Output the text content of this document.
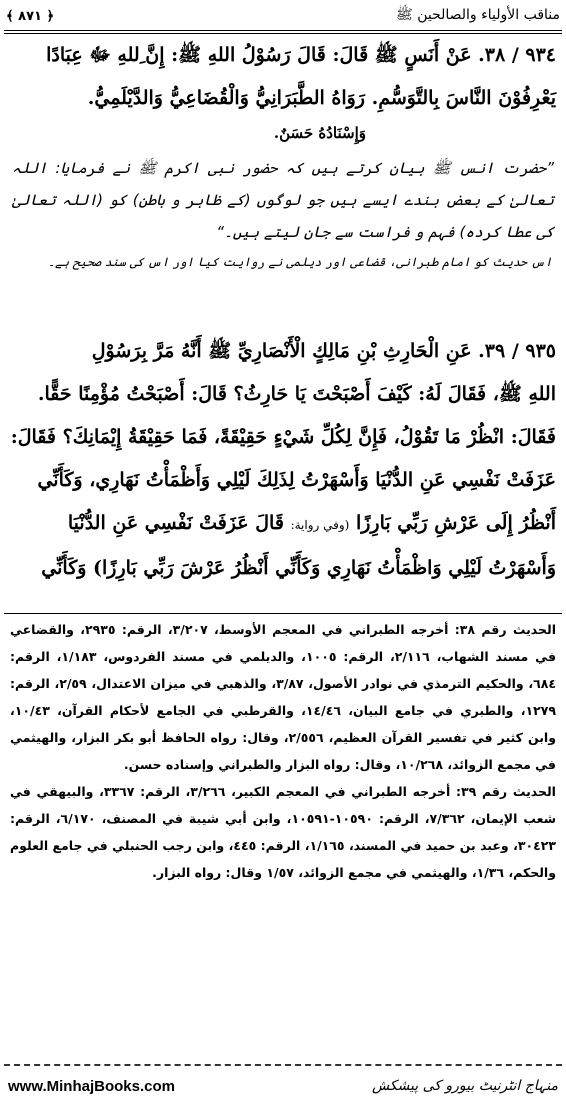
﴿ ٨٧١ ﴾	مناقب الأولياء والصالحين ﷺ

٩٣٤ / ٣٨. عَنْ أَنَسٍ ﷺ قَالَ: قَالَ رَسُوْلُ اللهِ ﷺ: إِنَّ ِللهِ ﷻ عِبَادًا

يَعْرِفُوْنَ النَّاسَ بِالتَّوَسُّمِ. رَوَاهُ الطَّبَرَانِيُّ وَالْقُضَاعِيُّ وَالدَّيْلَمِيُّ.

وَإِسْنَادُهُ حَسَنٌ.

”حضرت انس ﷺ بیان کرتے ہیں کہ حضور نبی اکرم ﷺ نے فرمایا: اللہ تعالیٰ کے بعض بندے ایسے ہیں جو لوگوں (کے ظاہر و باطن) کو (اللہ تعالیٰ کی عطا کردہ) فہم و فراست سے جان لیتے ہیں۔“

اس حدیث کو امام طبرانی، قضاعی اور دیلمی نے روایت کیا اور اس کی سند صحیح ہے۔

٩٣٥ / ٣٩. عَنِ الْحَارِثِ بْنِ مَالِكٍ الْأَنْصَارِيِّ ﷺ أَنَّهُ مَرَّ بِرَسُوْلِ

اللهِ ﷺ، فَقَالَ لَهُ: كَيْفَ أَصْبَحْتَ يَا حَارِثُ؟ قَالَ: أَصْبَحْتُ مُؤْمِنًا حَقًّا.

فَقَالَ: انْظُرْ مَا تَقُوْلُ، فَإِنَّ لِكُلِّ شَيْءٍ حَقِيْقَةً، فَمَا حَقِيْقَةُ إِيْمَانِكَ؟ فَقَالَ:

عَزَفَتْ نَفْسِي عَنِ الدُّنْيَا وَأَسْهَرْتُ لِذَلِكَ لَيْلِي وَأَظْمَأْتُ نَهَارِي، وَكَأَنِّي

أَنْظُرُ إِلَى عَرْشِ رَبِّي بَارِزًا (وفي رواية: قَالَ عَزَفَتْ نَفْسِي عَنِ الدُّنْيَا

وَأَسْهَرْتُ لَيْلِي وَاظْمَأْتُ نَهَارِي وَكَأَنِّي أَنْظُرُ عَرْشَ رَبِّي بَارِزًا) وَكَأَنِّي

الحديث رقم ٣٨: أخرجه الطبراني في المعجم الأوسط، ٣/٢٠٧، الرقم: ٢٩٣٥، والقضاعي في مسند الشهاب، ٢/١١٦، الرقم: ١٠٠٥، والديلمي في مسند الفردوس، ١/١٨٣، الرقم: ٦٨٤، والحكيم الترمذي في نوادر الأصول، ٣/٨٧، والذهبي في ميزان الاعتدال، ٢/٥٩، الرقم: ١٢٧٩، والطبري في جامع البيان، ١٤/٤٦، والقرطبي في الجامع لأحكام القرآن، ١٠/٤٣، وابن كثير في تفسير القرآن العظيم، ٢/٥٥٦، وقال: رواه الحافظ أبو بكر البزار، والهيثمي في مجمع الزوائد، ١٠/٢٦٨، وقال: رواه البزار والطبراني وإسناده حسن.

الحديث رقم ٣٩: أخرجه الطبراني في المعجم الكبير، ٣/٢٦٦، الرقم: ٣٣٦٧، والبيهقي في شعب الإيمان، ٧/٣٦٢، الرقم: ١٠٥٩٠-١٠٥٩١، وابن أبي شيبة في المصنف، ٦/١٧٠، الرقم: ٣٠٤٢٣، وعبد بن حميد في المسند، ١/١٦٥، الرقم: ٤٤٥، وابن رجب الحنبلي في جامع العلوم والحكم، ١/٣٦، والهيثمي في مجمع الزوائد، ١/٥٧ وقال: رواه البزار.

www.MinhajBooks.com	منہاج انٹرنیٹ بیورو کی پیشکش
